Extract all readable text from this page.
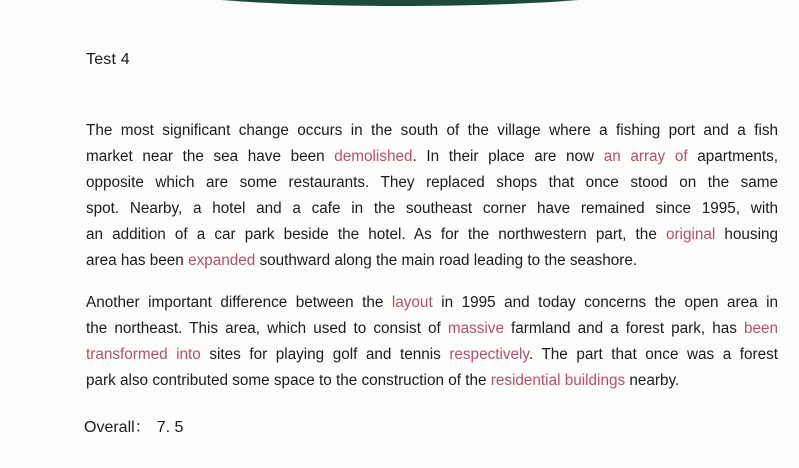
Test 4
The most significant change occurs in the south of the village where a fishing port and a fish
market near the sea have been demolished. In their place are now an array of apartments,
opposite which are some restaurants. They replaced shops that once stood on the same
spot. Nearby, a hotel and a cafe in the southeast corner have remained since 1995, with
an addition of a car park beside the hotel. As for the northwestern part, the original housing
area has been expanded southward along the main road leading to the seashore.
Another important difference between the layout in 1995 and today concerns the open area in
the northeast. This area, which used to consist of massive farmland and a forest park, has been
transformed into sites for playing golf and tennis respectively. The part that once was a forest
park also contributed some space to the construction of the residential buildings nearby.
Overall： 7. 5
